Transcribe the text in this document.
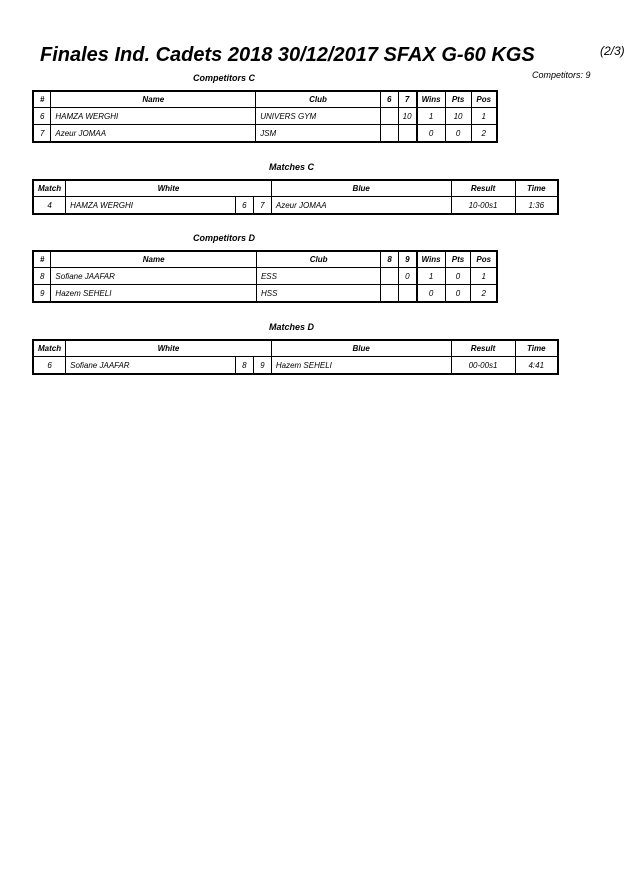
Finales Ind. Cadets 2018 30/12/2017 SFAX G-60 KGS	(2/3)
Competitors: 9
Competitors C
#	Name	Club	6	7	Wins	Pts	Pos
6	HAMZA WERGHI	UNIVERS GYM		10	1	10	1
7	Azeur JOMAA	JSM			0	0	2
Matches C
Match	White			Blue	Result	Time
4	HAMZA WERGHI	6	7	Azeur JOMAA	10-00s1	1:36
Competitors D
#	Name	Club	8	9	Wins	Pts	Pos
8	Sofiane JAAFAR	ESS		0	1	0	1
9	Hazem SEHELI	HSS			0	0	2
Matches D
Match	White			Blue	Result	Time
6	Sofiane JAAFAR	8	9	Hazem SEHELI	00-00s1	4:41
